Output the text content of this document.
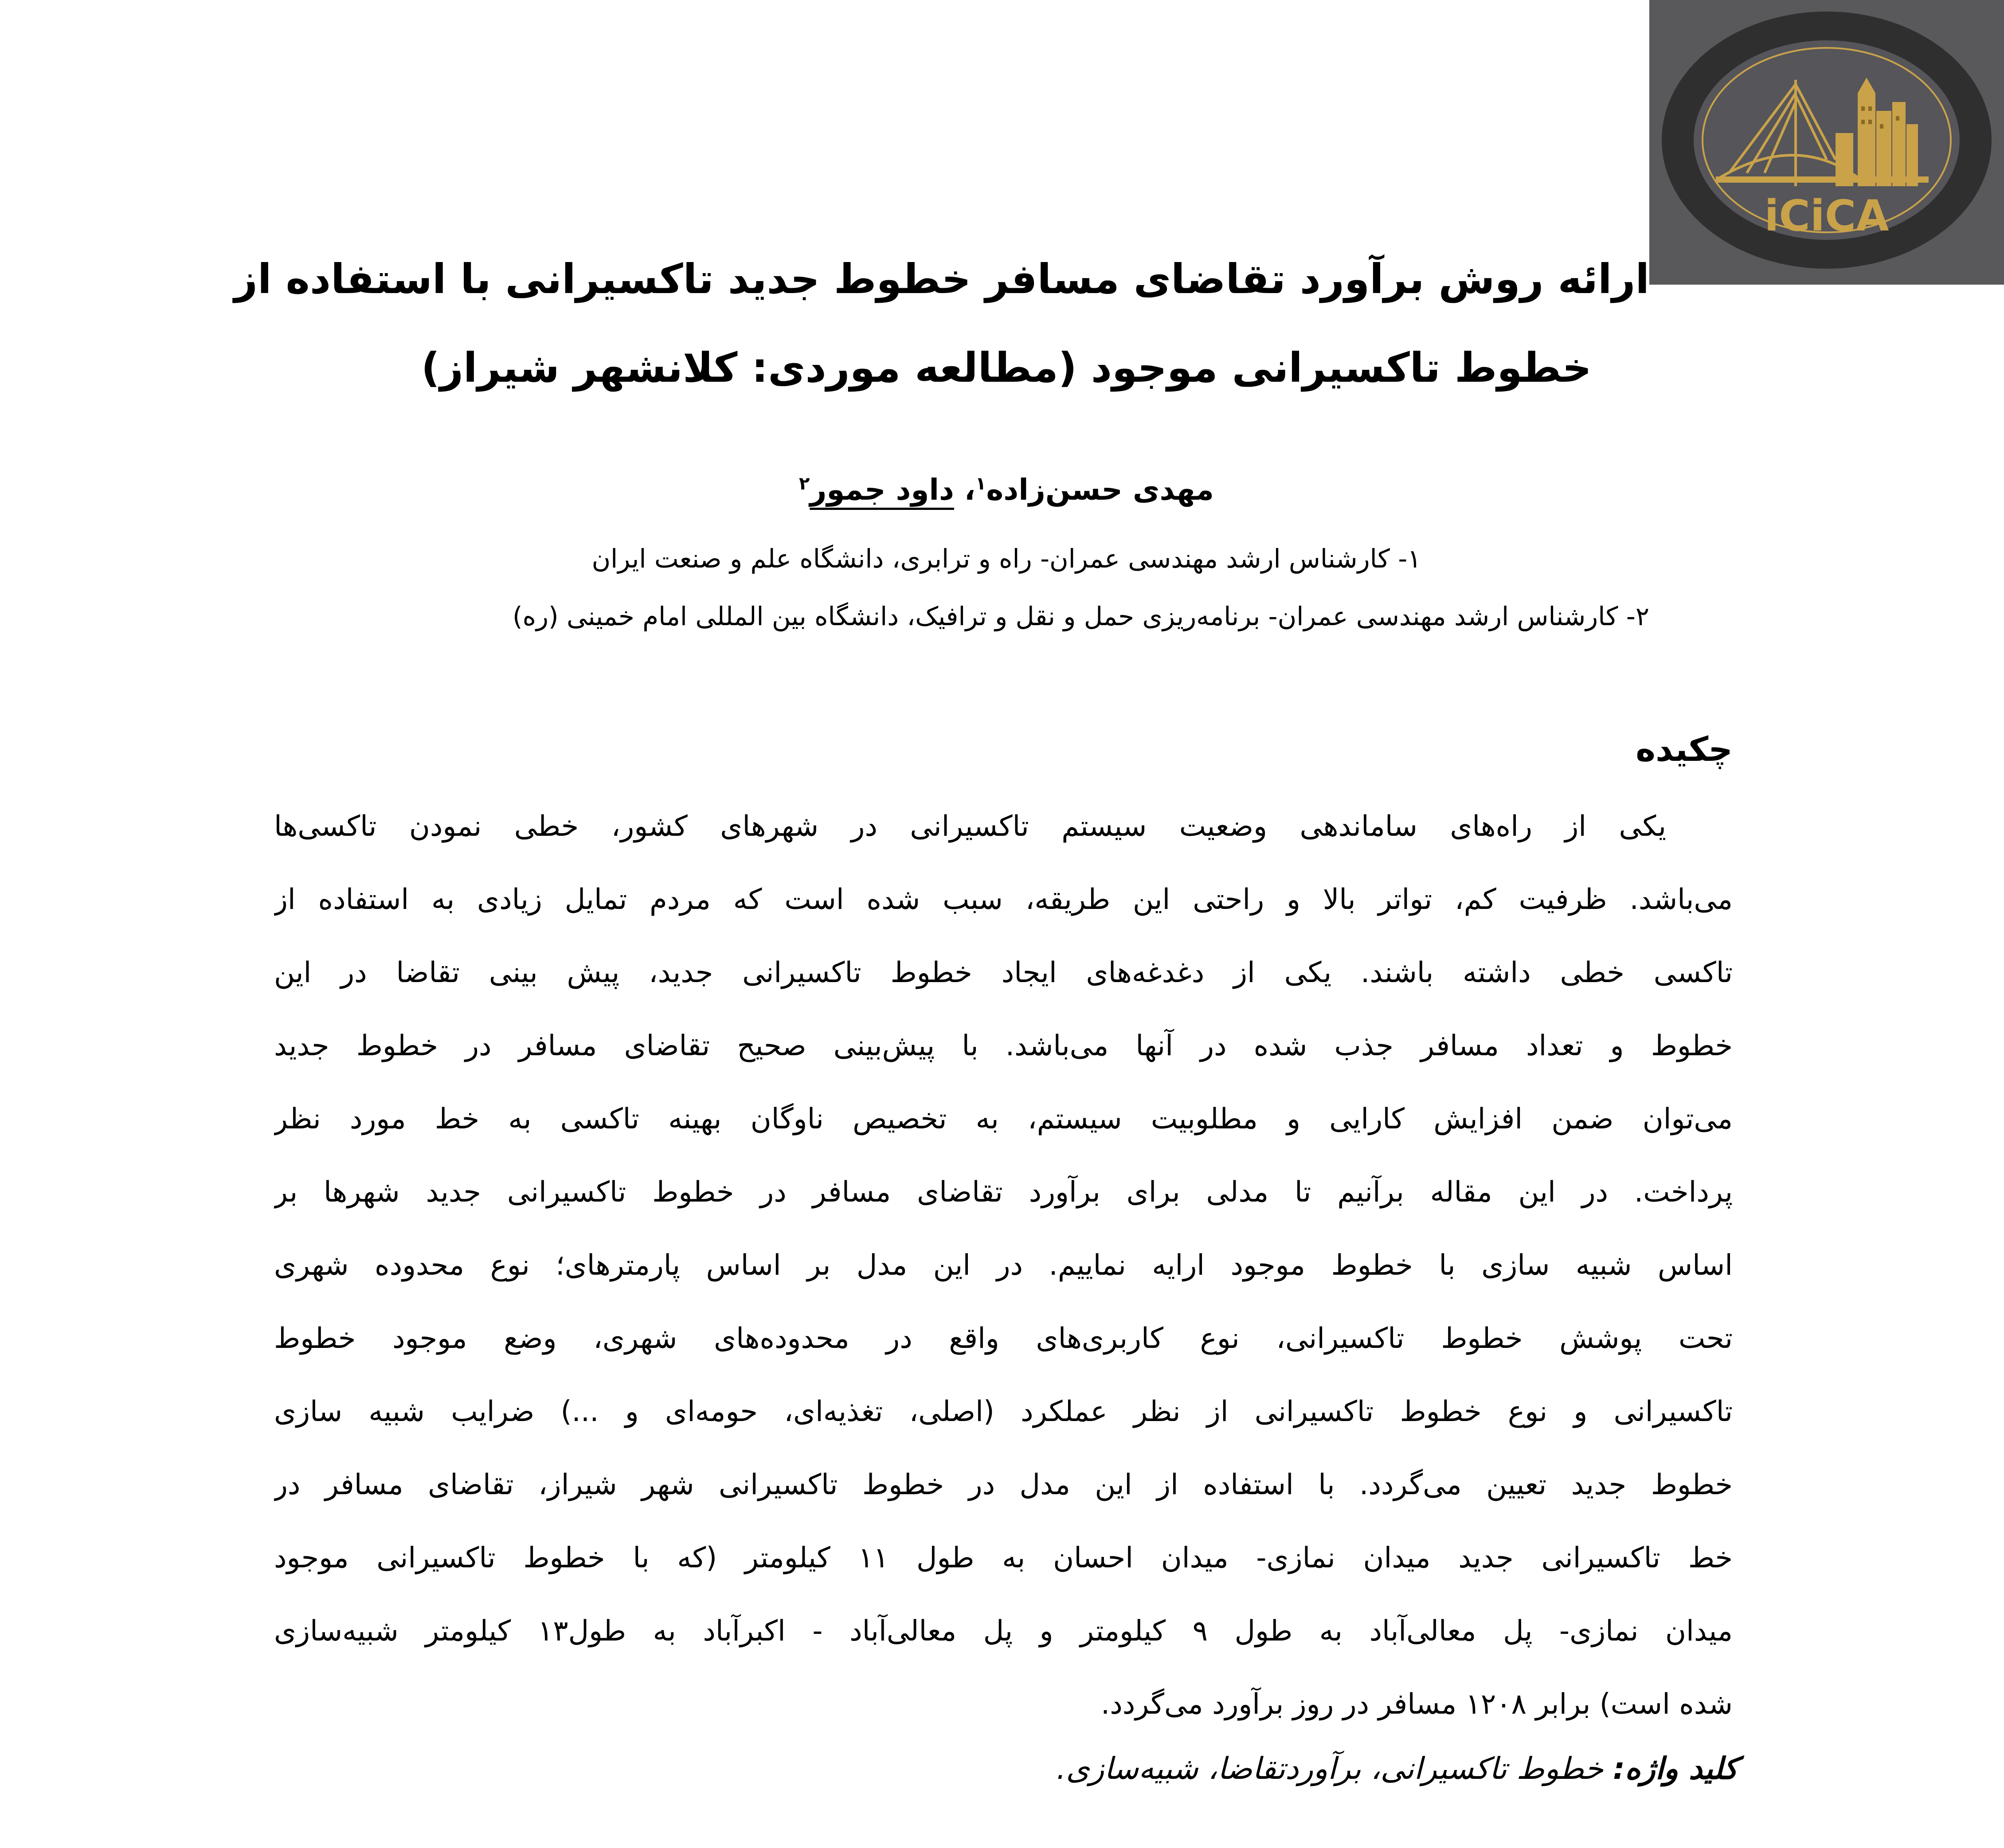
iCiCA
ارائه روش برآورد تقاضای مسافر خطوط جدید تاکسیرانی با استفاده از
خطوط تاکسیرانی موجود (مطالعه موردی: کلانشهر شیراز)
مهدی حسن‌زاده$^۱$، داود جمور$^۲$
۱- کارشناس ارشد مهندسی عمران- راه و ترابری، دانشگاه علم و صنعت ایران
۲- کارشناس ارشد مهندسی عمران- برنامه‌ریزی حمل و نقل و ترافیک، دانشگاه بین المللی امام خمینی (ره)
چکیده
یکی از راه‌های ساماندهی وضعیت سیستم تاکسیرانی در شهرهای کشور، خطی نمودن تاکسی‌ها
می‌باشد. ظرفیت کم، تواتر بالا و راحتی این طریقه، سبب شده است که مردم تمایل زیادی به استفاده از
تاکسی خطی داشته باشند. یکی از دغدغه‌های ایجاد خطوط تاکسیرانی جدید، پیش بینی تقاضا در این
خطوط و تعداد مسافر جذب شده در آنها می‌باشد. با پیش‌بینی صحیح تقاضای مسافر در خطوط جدید
می‌توان ضمن افزایش کارایی و مطلوبیت سیستم، به تخصیص ناوگان بهینه تاکسی به خط مورد نظر
پرداخت. در این مقاله برآنیم تا مدلی برای برآورد تقاضای مسافر در خطوط تاکسیرانی جدید شهرها بر
اساس شبیه سازی با خطوط موجود ارایه نماییم. در این مدل بر اساس پارمترهای؛ نوع محدوده شهری
تحت پوشش خطوط تاکسیرانی، نوع کاربری‌های واقع در محدوده‌های شهری، وضع موجود خطوط
تاکسیرانی و نوع خطوط تاکسیرانی از نظر عملکرد (اصلی، تغذیه‌ای، حومه‌ای و ...) ضرایب شبیه سازی
خطوط جدید تعیین می‌گردد. با استفاده از این مدل در خطوط تاکسیرانی شهر شیراز، تقاضای مسافر در
خط تاکسیرانی جدید میدان نمازی- میدان احسان به طول ۱۱ کیلومتر (که با خطوط تاکسیرانی موجود
میدان نمازی- پل معالی‌آباد به طول ۹ کیلومتر و پل معالی‌آباد - اکبرآباد به طول۱۳ کیلومتر شبیه‌سازی
شده است) برابر ۱۲۰۸ مسافر در روز برآورد می‌گردد.
کلید واژه: خطوط تاکسیرانی، برآوردتقاضا، شبیه‌سازی.
